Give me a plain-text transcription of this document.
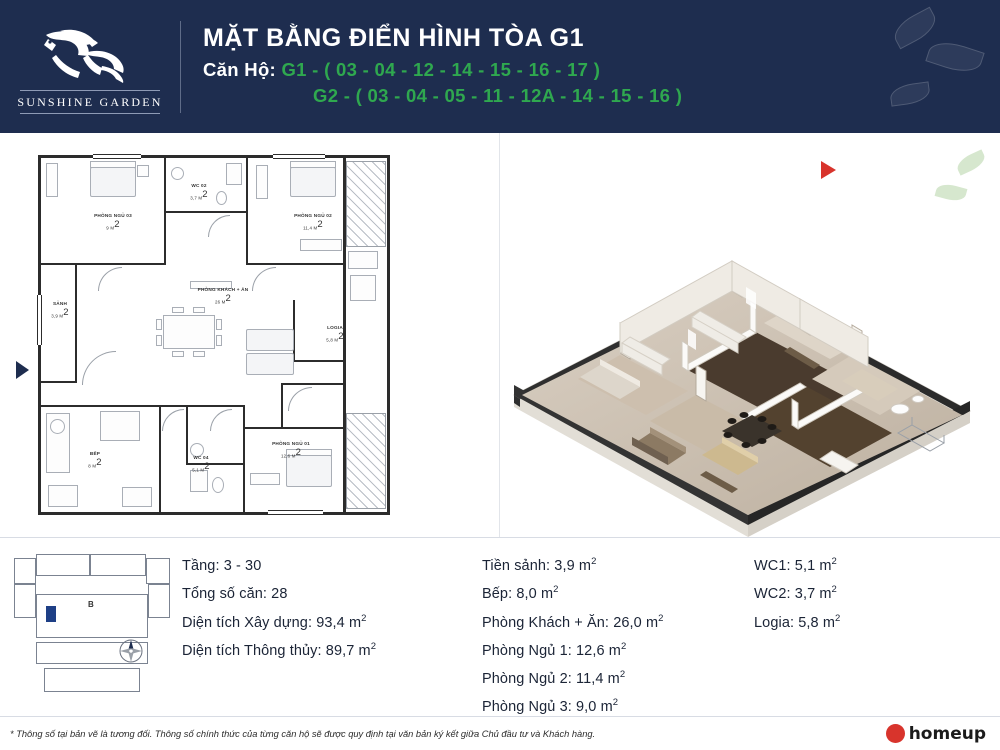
SUNSHINE GARDEN
MẶT BẰNG ĐIỂN HÌNH TÒA G1
Căn Hộ: G1 - ( 03 - 04 - 12 - 14 - 15 - 16 - 17 )
G2 - ( 03 - 04 - 05 - 11 - 12A - 14 - 15 - 16 )
PHÒNG NGỦ 03
9 $M^2$
WC 02
3,7 $M^2$
PHÒNG NGỦ 02
11,4 $M^2$
PHÒNG KHÁCH + ĂN
26 $M^2$
SẢNH
3,9 $M^2$
LOGIA
5,8 $M^2$
BẾP
8 $M^2$	WC 04
5,1 $M^2$
PHÒNG NGỦ 01
12,6 $M^2$
B
Tầng: 3 - 30
Tổng số căn: 28
Diện tích Xây dựng: 93,4 $m^2$
Diện tích Thông thủy: 89,7 $m^2$
Tiền sảnh: 3,9 $m^2$
Bếp: 8,0 $m^2$
Phòng Khách + Ăn: 26,0 $m^2$
Phòng Ngủ 1: 12,6 $m^2$
Phòng Ngủ 2: 11,4 $m^2$
Phòng Ngủ 3: 9,0 $m^2$
WC1: 5,1 $m^2$
WC2: 3,7 $m^2$
Logia: 5,8 $m^2$
* Thông số tại bản vẽ là tương đối. Thông số chính thức của từng căn hộ sẽ được quy định tại văn bản ký kết giữa Chủ đầu tư và Khách hàng.	homeup
